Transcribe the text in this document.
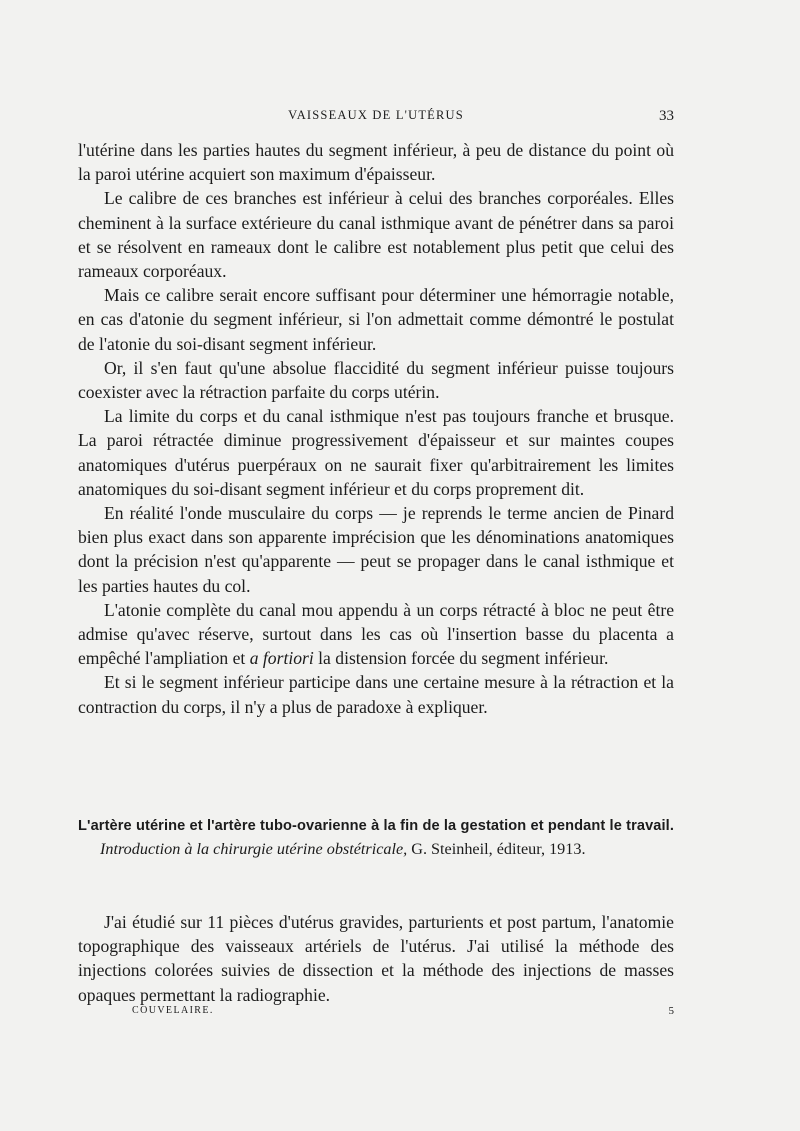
VAISSEAUX DE L'UTÉRUS	33

l'utérine dans les parties hautes du segment inférieur, à peu de distance du point où la paroi utérine acquiert son maximum d'épaisseur.

Le calibre de ces branches est inférieur à celui des branches corporéales. Elles cheminent à la surface extérieure du canal isthmique avant de pénétrer dans sa paroi et se résolvent en rameaux dont le calibre est notablement plus petit que celui des rameaux corporéaux.

Mais ce calibre serait encore suffisant pour déterminer une hémorragie notable, en cas d'atonie du segment inférieur, si l'on admettait comme démontré le postulat de l'atonie du soi-disant segment inférieur.

Or, il s'en faut qu'une absolue flaccidité du segment inférieur puisse toujours coexister avec la rétraction parfaite du corps utérin.

La limite du corps et du canal isthmique n'est pas toujours franche et brusque. La paroi rétractée diminue progressivement d'épaisseur et sur maintes coupes anatomiques d'utérus puerpéraux on ne saurait fixer qu'arbitrairement les limites anatomiques du soi-disant segment inférieur et du corps proprement dit.

En réalité l'onde musculaire du corps — je reprends le terme ancien de Pinard bien plus exact dans son apparente imprécision que les dénominations anatomiques dont la précision n'est qu'apparente — peut se propager dans le canal isthmique et les parties hautes du col.

L'atonie complète du canal mou appendu à un corps rétracté à bloc ne peut être admise qu'avec réserve, surtout dans les cas où l'insertion basse du placenta a empêché l'ampliation et a fortiori la distension forcée du segment inférieur.

Et si le segment inférieur participe dans une certaine mesure à la rétraction et la contraction du corps, il n'y a plus de paradoxe à expliquer.

L'artère utérine et l'artère tubo-ovarienne à la fin de la gestation et pendant le travail. Introduction à la chirurgie utérine obstétricale, G. Steinheil, éditeur, 1913.

J'ai étudié sur 11 pièces d'utérus gravides, parturients et post partum, l'anatomie topographique des vaisseaux artériels de l'utérus. J'ai utilisé la méthode des injections colorées suivies de dissection et la méthode des injections de masses opaques permettant la radiographie.

COUVELAIRE.	5
